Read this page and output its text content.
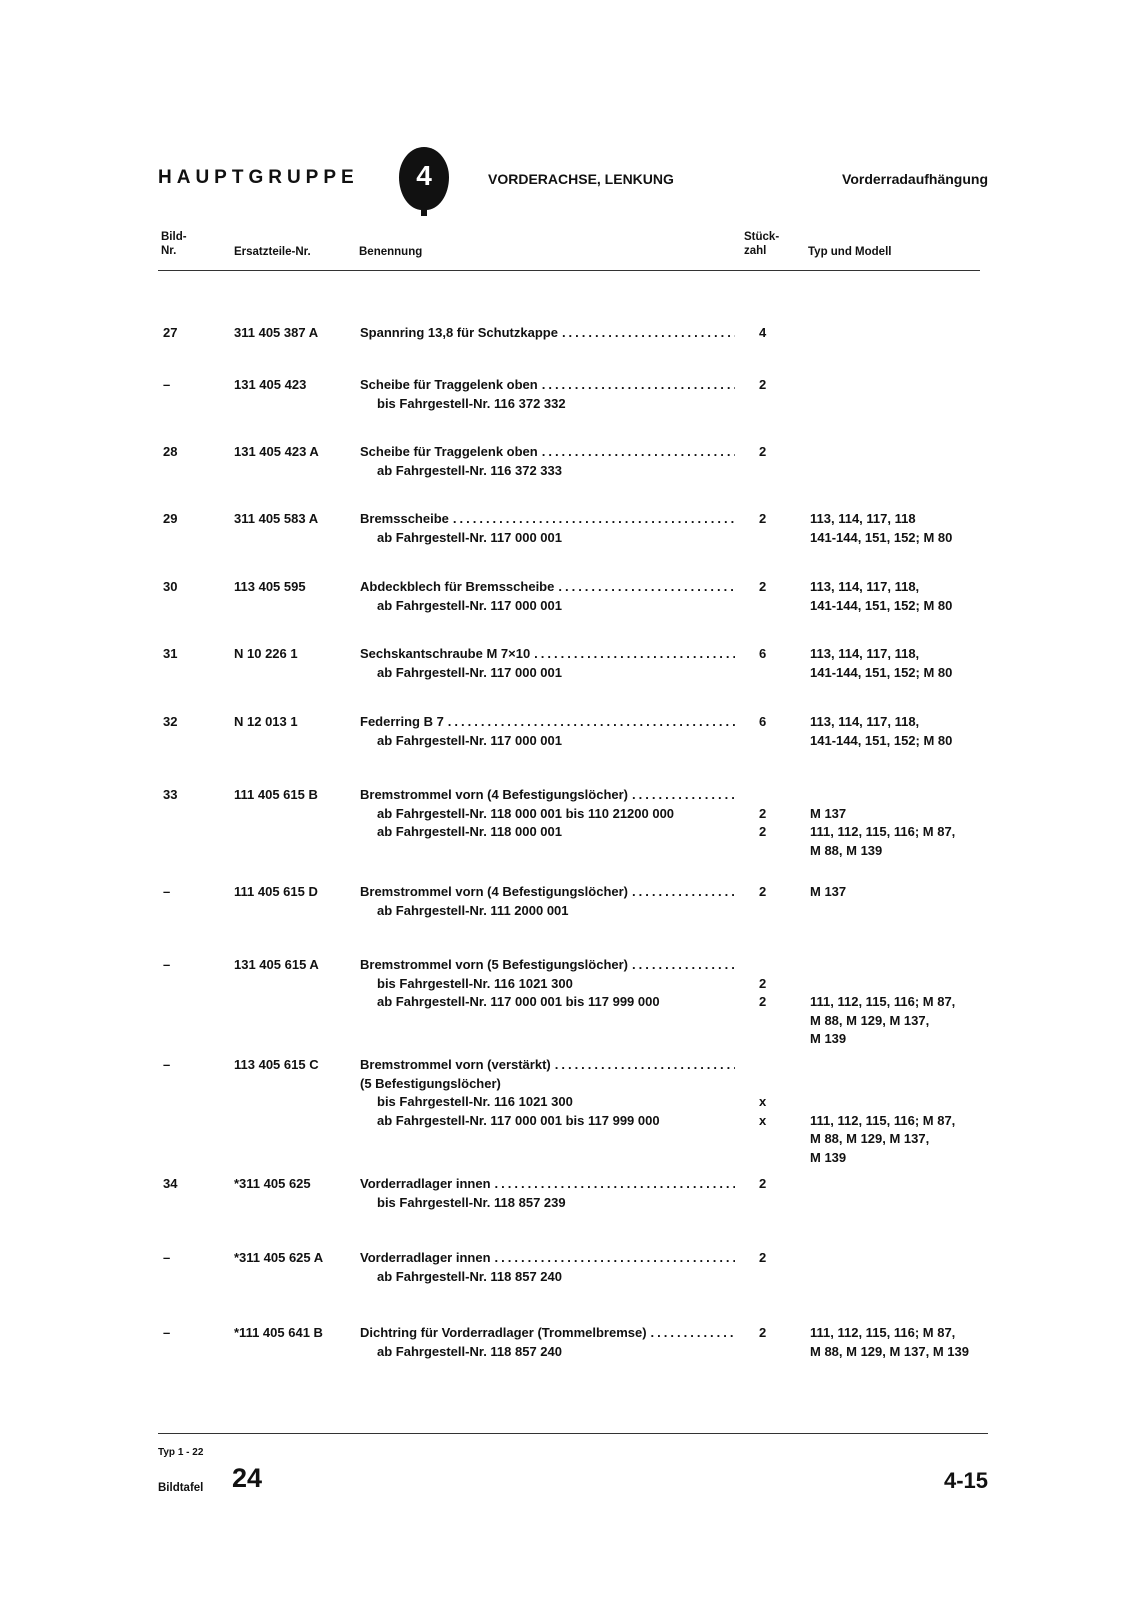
HAUPTGRUPPE	4	VORDERACHSE, LENKUNG	Vorderradaufhängung
Bild-
Nr.	Ersatzteile-Nr.	Benennung
Stück-
zahl	Typ und Modell
27	311 405 387 A	Spannring 13,8 für Schutzkappe
.....	4
–	131 405 423	Scheibe für Traggelenk oben
.....
bis Fahrgestell-Nr. 116 372 332
2
28	131 405 423 A	Scheibe für Traggelenk oben
.....
ab Fahrgestell-Nr. 116 372 333
2
29	311 405 583 A	Bremsscheibe
.....
ab Fahrgestell-Nr. 117 000 001
2	113, 114, 117, 118
141-144, 151, 152; M 80
30	113 405 595	Abdeckblech für Bremsscheibe
.....
ab Fahrgestell-Nr. 117 000 001
2	113, 114, 117, 118,
141-144, 151, 152; M 80
31	N 10 226 1	Sechskantschraube M 7×10
.....
ab Fahrgestell-Nr. 117 000 001
6	113, 114, 117, 118,
141-144, 151, 152; M 80
32	N 12 013 1	Federring B 7
.....
ab Fahrgestell-Nr. 117 000 001
6	113, 114, 117, 118,
141-144, 151, 152; M 80
33	111 405 615 B	Bremstrommel vorn (4 Befestigungslöcher)
.....
ab Fahrgestell-Nr. 118 000 001 bis 110 21200 000
ab Fahrgestell-Nr. 118 000 001
2
2
M 137
111, 112, 115, 116; M 87,
M 88, M 139
–	111 405 615 D	Bremstrommel vorn (4 Befestigungslöcher)
.....
ab Fahrgestell-Nr. 111 2000 001
2	M 137
–	131 405 615 A	Bremstrommel vorn (5 Befestigungslöcher)
.....
bis Fahrgestell-Nr. 116 1021 300
ab Fahrgestell-Nr. 117 000 001 bis 117 999 000
2
2	111, 112, 115, 116; M 87,
M 88, M 129, M 137,
M 139
–	113 405 615 C	Bremstrommel vorn (verstärkt)
.....
(5 Befestigungslöcher)
bis Fahrgestell-Nr. 116 1021 300
ab Fahrgestell-Nr. 117 000 001 bis 117 999 000
x
x	111, 112, 115, 116; M 87,
M 88, M 129, M 137,
M 139
34	*311 405 625	Vorderradlager innen
.....
bis Fahrgestell-Nr. 118 857 239
2
–	*311 405 625 A	Vorderradlager innen
.....
ab Fahrgestell-Nr. 118 857 240
2
–	*111 405 641 B	Dichtring für Vorderradlager (Trommelbremse)
.....
ab Fahrgestell-Nr. 118 857 240
2	111, 112, 115, 116; M 87,
M 88, M 129, M 137, M 139
Typ 1 - 22
Bildtafel 24	4-15
